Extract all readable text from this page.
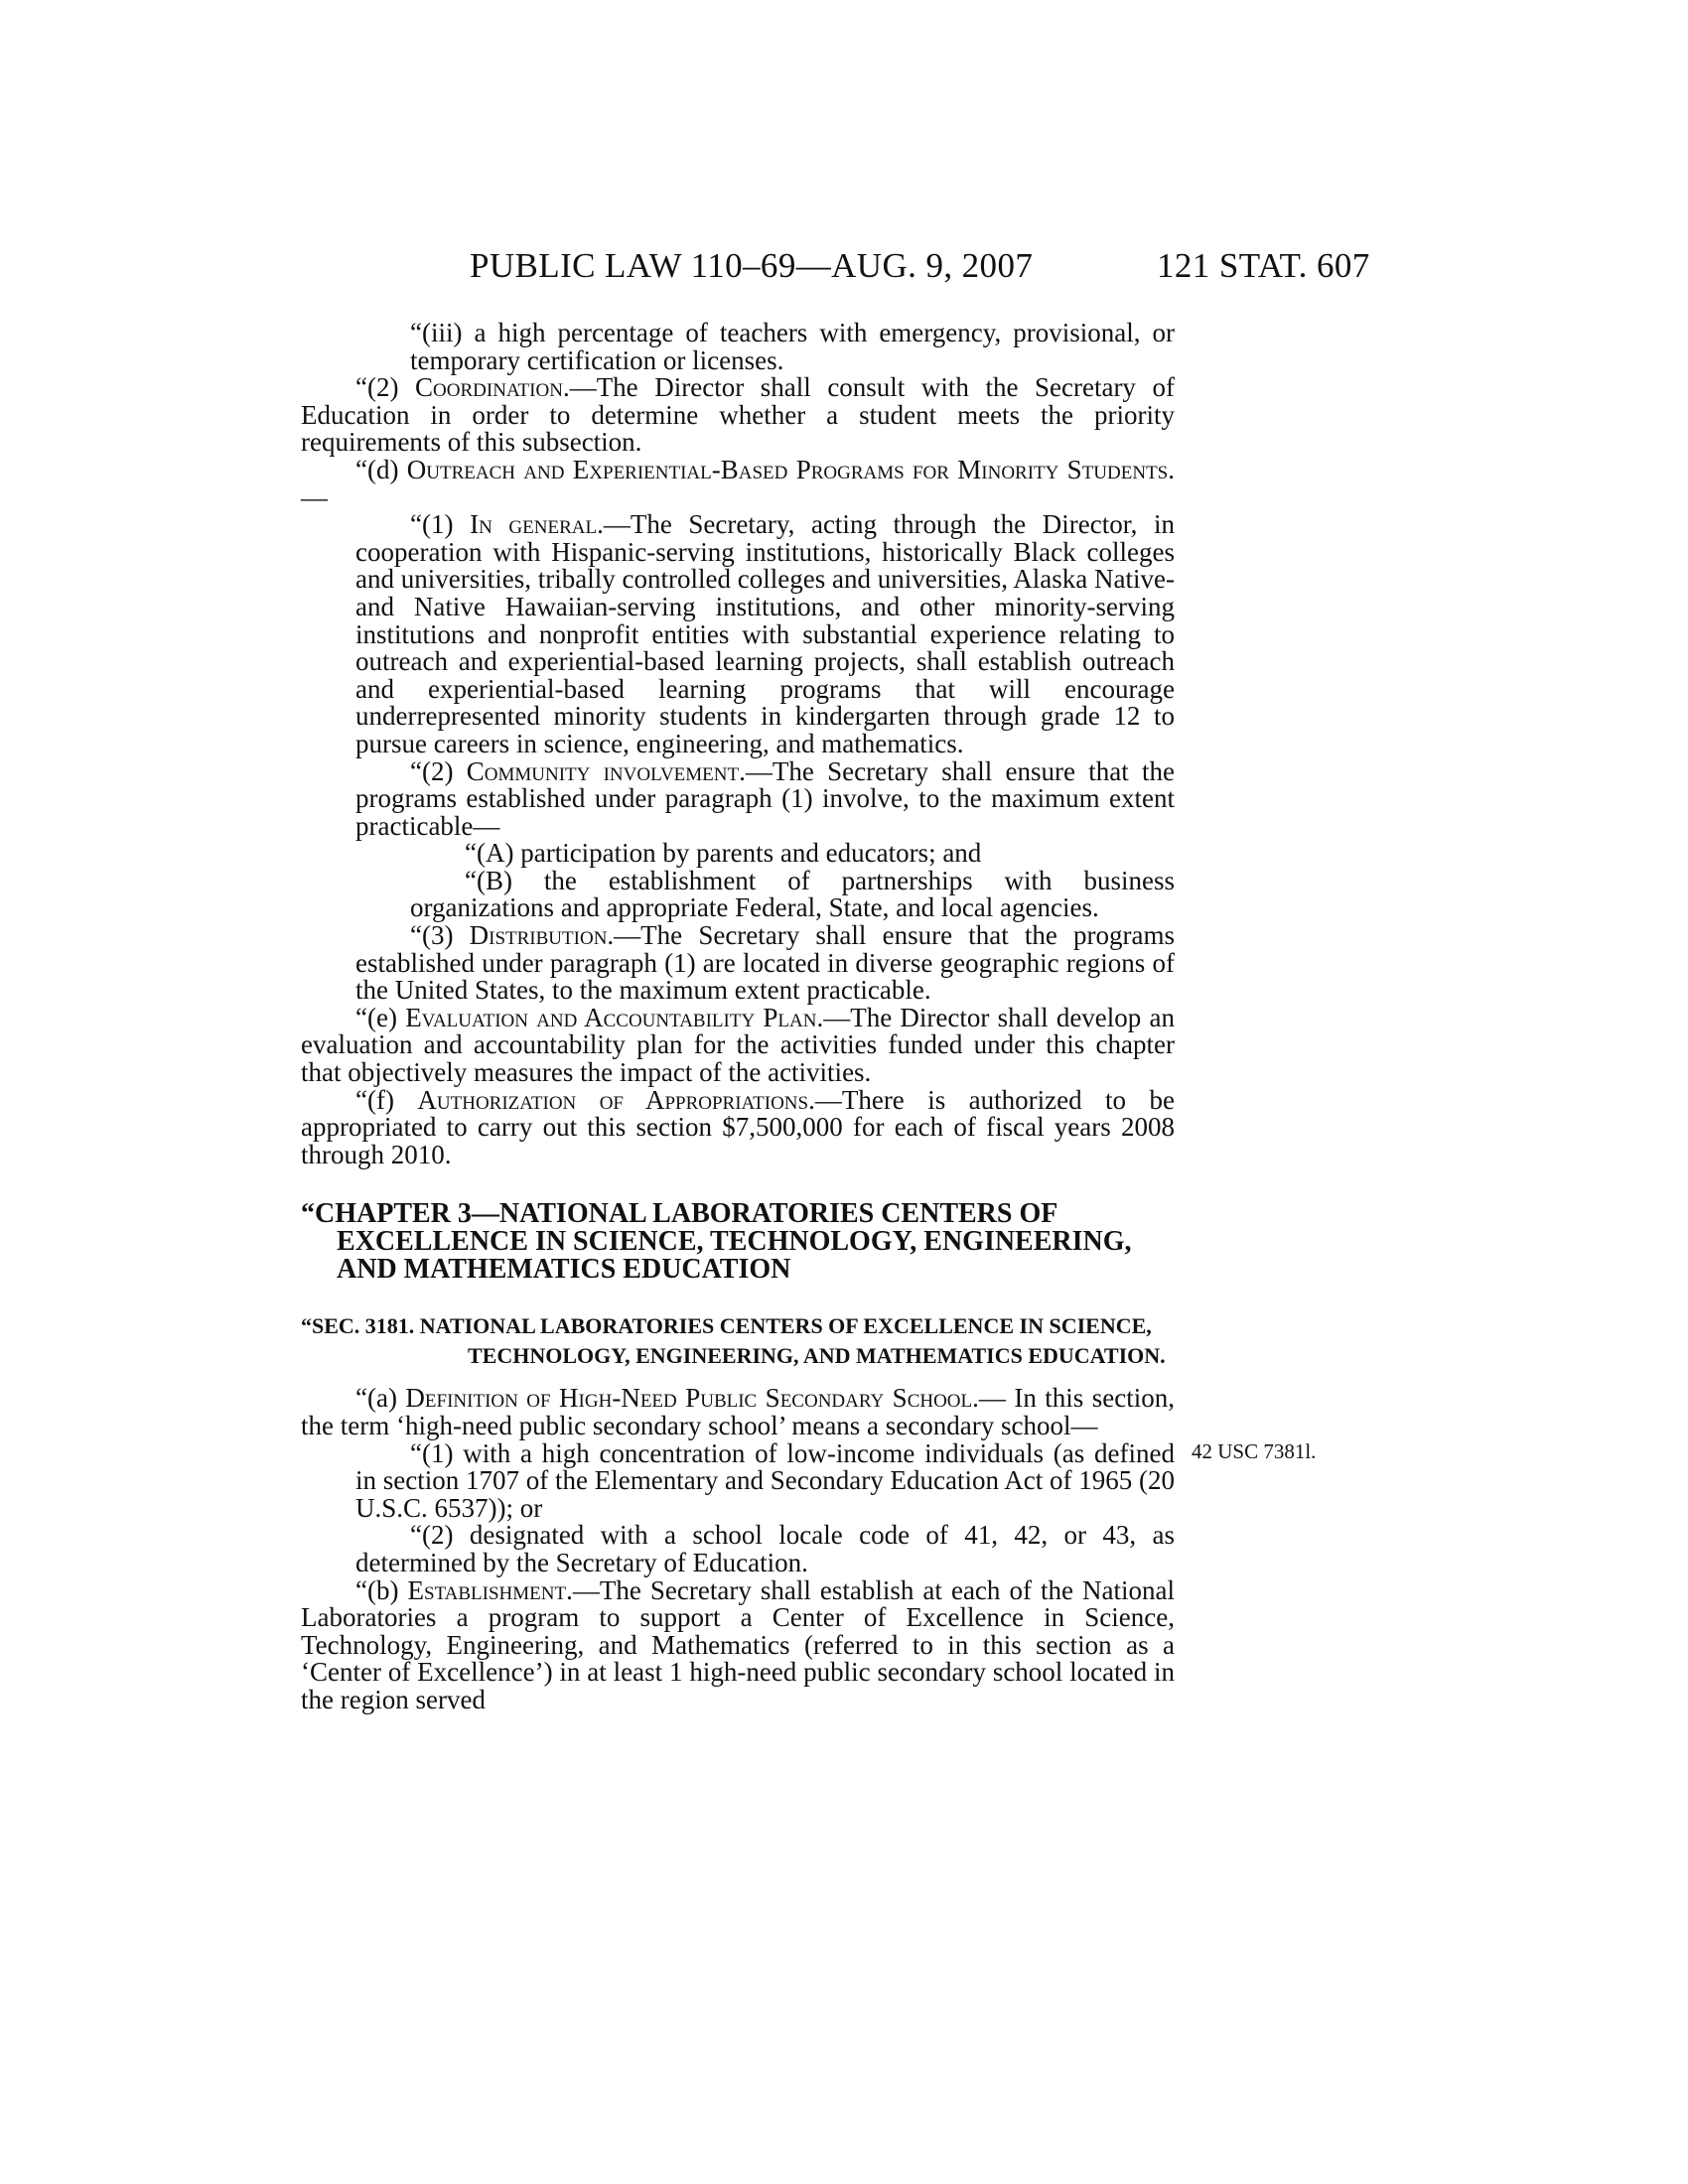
PUBLIC LAW 110–69—AUG. 9, 2007	121 STAT. 607

“(iii) a high percentage of teachers with emergency, provisional, or temporary certification or licenses.

“(2) Coordination.—The Director shall consult with the Secretary of Education in order to determine whether a student meets the priority requirements of this subsection.

“(d) Outreach and Experiential-Based Programs for Minority Students.—

“(1) In general.—The Secretary, acting through the Director, in cooperation with Hispanic-serving institutions, historically Black colleges and universities, tribally controlled colleges and universities, Alaska Native- and Native Hawaiian-serving institutions, and other minority-serving institutions and nonprofit entities with substantial experience relating to outreach and experiential-based learning projects, shall establish outreach and experiential-based learning programs that will encourage underrepresented minority students in kindergarten through grade 12 to pursue careers in science, engineering, and mathematics.

“(2) Community involvement.—The Secretary shall ensure that the programs established under paragraph (1) involve, to the maximum extent practicable—

“(A) participation by parents and educators; and

“(B) the establishment of partnerships with business organizations and appropriate Federal, State, and local agencies.

“(3) Distribution.—The Secretary shall ensure that the programs established under paragraph (1) are located in diverse geographic regions of the United States, to the maximum extent practicable.

“(e) Evaluation and Accountability Plan.—The Director shall develop an evaluation and accountability plan for the activities funded under this chapter that objectively measures the impact of the activities.

“(f) Authorization of Appropriations.—There is authorized to be appropriated to carry out this section $7,500,000 for each of fiscal years 2008 through 2010.

“CHAPTER 3—NATIONAL LABORATORIES CENTERS OF EXCELLENCE IN SCIENCE, TECHNOLOGY, ENGINEERING, AND MATHEMATICS EDUCATION
“SEC. 3181. NATIONAL LABORATORIES CENTERS OF EXCELLENCE IN SCIENCE, TECHNOLOGY, ENGINEERING, AND MATHEMATICS EDUCATION.

“(a) Definition of High-Need Public Secondary School.— In this section, the term ‘high-need public secondary school’ means a secondary school—

“(1) with a high concentration of low-income individuals (as defined in section 1707 of the Elementary and Secondary Education Act of 1965 (20 U.S.C. 6537)); or

“(2) designated with a school locale code of 41, 42, or 43, as determined by the Secretary of Education.

“(b) Establishment.—The Secretary shall establish at each of the National Laboratories a program to support a Center of Excellence in Science, Technology, Engineering, and Mathematics (referred to in this section as a ‘Center of Excellence’) in at least 1 high-need public secondary school located in the region served

42 USC 7381l.
